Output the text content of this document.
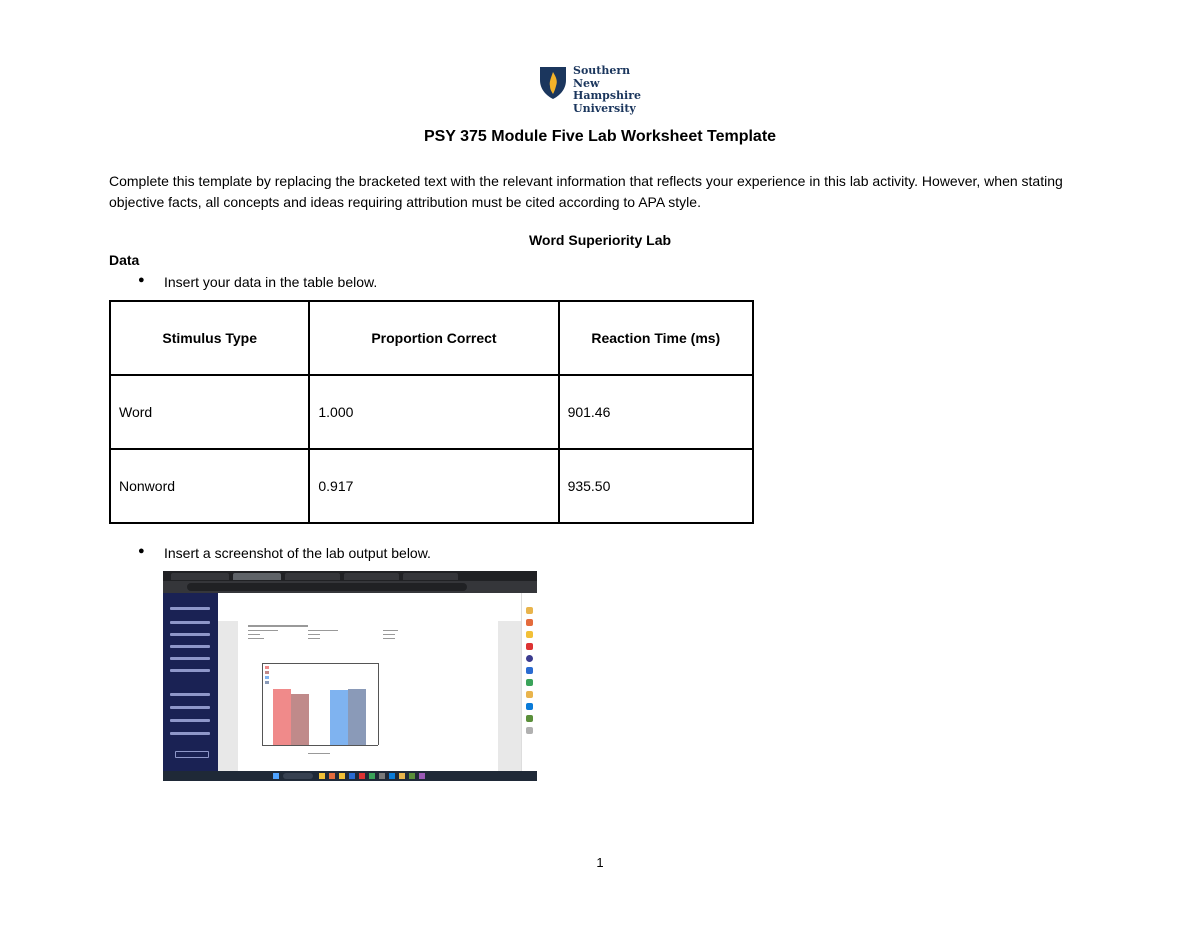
Southern
New Hampshire
University
PSY 375 Module Five Lab Worksheet Template
Complete this template by replacing the bracketed text with the relevant information that reflects your experience in this lab activity. However, when stating objective facts, all concepts and ideas requiring attribution must be cited according to APA style.
Word Superiority Lab
Data
● Insert your data in the table below.
Stimulus Type	Proportion Correct	Reaction Time (ms)
Word	1.000	901.46
Nonword	0.917	935.50
● Insert a screenshot of the lab output below.
1
